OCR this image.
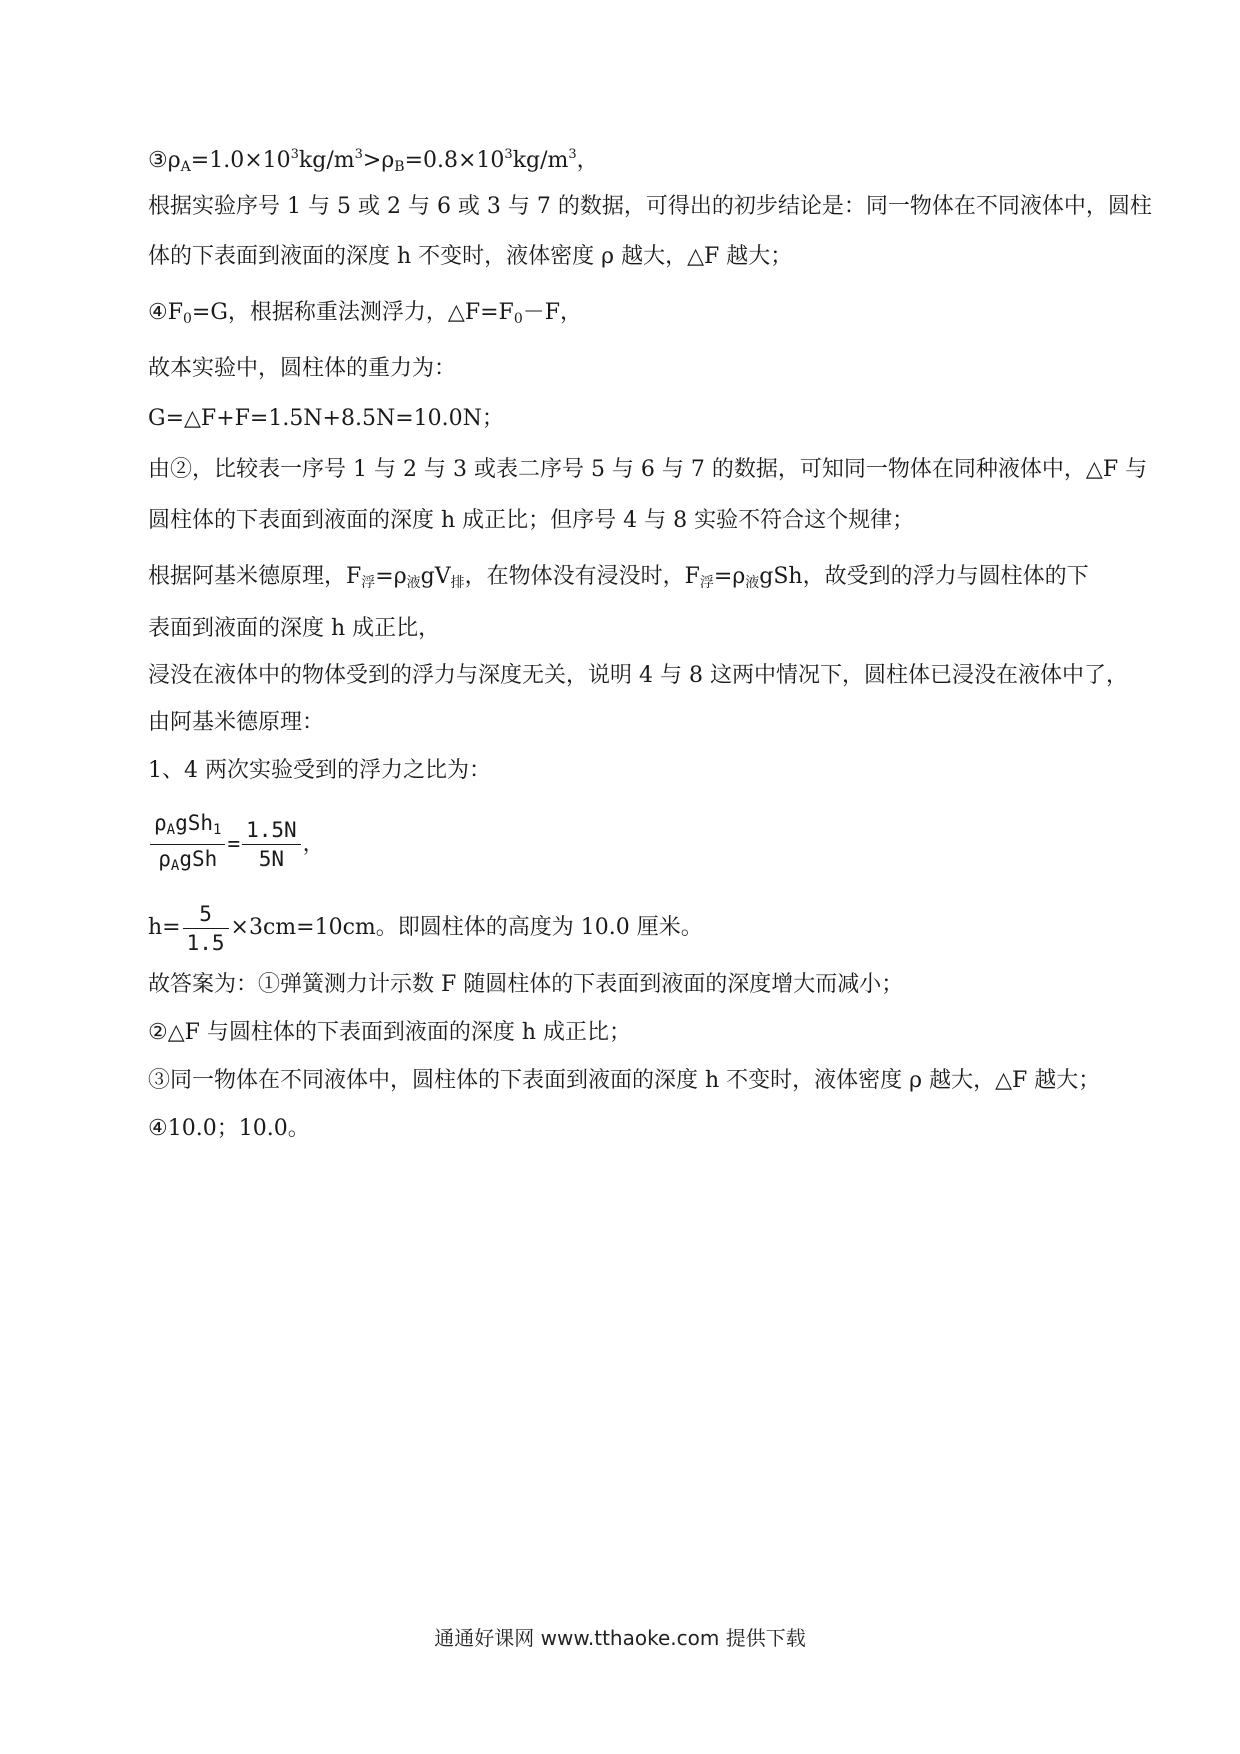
$③\rho_A=1.0\times 10^3kg/m^3>\rho_B=0.8\times 10^3kg/m^3$，
根据实验序号 1 与 5 或 2 与 6 或 3 与 7 的数据，可得出的初步结论是：同一物体在不同液体中，圆柱
体的下表面到液面的深度 h 不变时，液体密度 ρ 越大，△F 越大；
$④F_0=G$，根据称重法测浮力，$\triangle F=F_0-F$，
故本实验中，圆柱体的重力为：
G=△F+F=1.5N+8.5N=10.0N；
由②，比较表一序号 1 与 2 与 3 或表二序号 5 与 6 与 7 的数据，可知同一物体在同种液体中，△F 与
圆柱体的下表面到液面的深度 h 成正比；但序号 4 与 8 实验不符合这个规律；
根据阿基米德原理，$F_浮=\rho_液gV_排$，在物体没有浸没时，$F_浮=\rho_液gSh$，故受到的浮力与圆柱体的下
表面到液面的深度 h 成正比，
浸没在液体中的物体受到的浮力与深度无关，说明 4 与 8 这两中情况下，圆柱体已浸没在液体中了，
由阿基米德原理：
1、4 两次实验受到的浮力之比为：
$\frac{\rho_AgSh_1}{\rho_AgSh} = \frac{1.5N}{5N}$ ，
$h= \frac{5}{1.5} \times 3cm=10cm$。即圆柱体的高度为 10.0 厘米。
故答案为：①弹簧测力计示数 F 随圆柱体的下表面到液面的深度增大而减小；
②△F 与圆柱体的下表面到液面的深度 h 成正比；
③同一物体在不同液体中，圆柱体的下表面到液面的深度 h 不变时，液体密度 ρ 越大，△F 越大；
④10.0；10.0。
通通好课网 www.tthaoke.com 提供下载
